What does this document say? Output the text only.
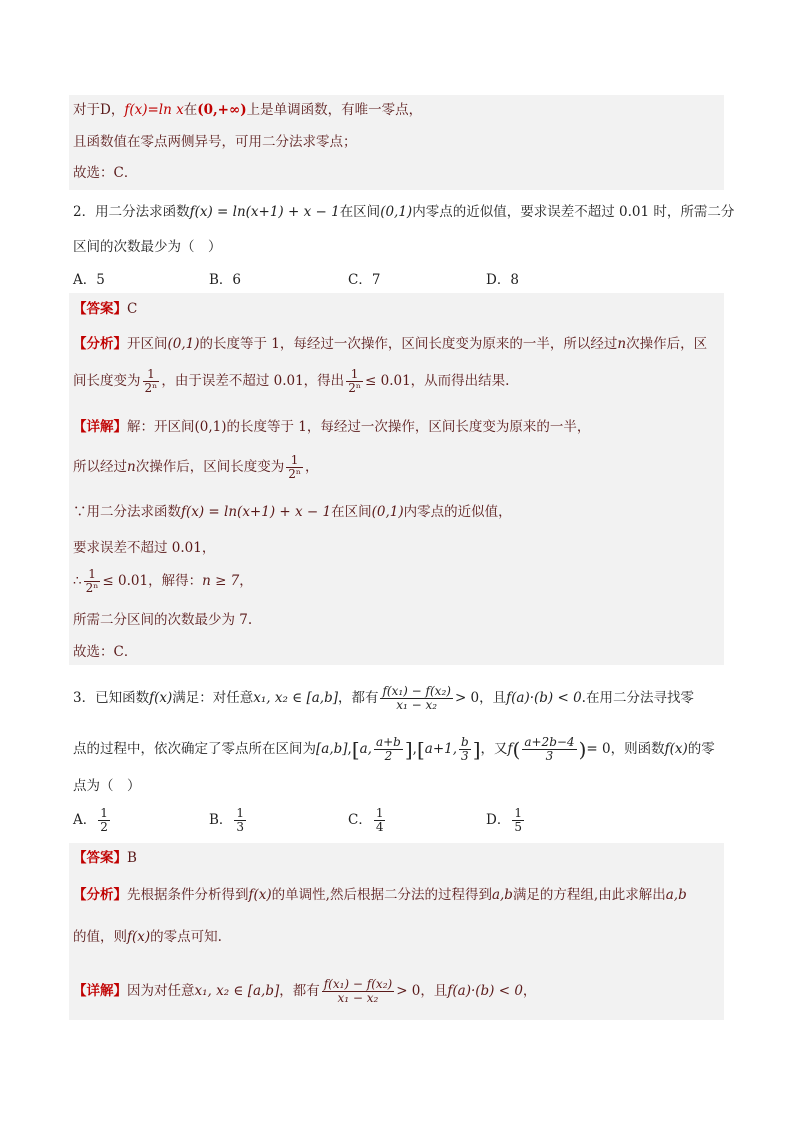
对于D，f(x)=ln x在(0,+∞)上是单调函数，有唯一零点，
且函数值在零点两侧异号，可用二分法求零点；
故选：C．
2．用二分法求函数f(x) = ln(x+1) + x − 1在区间(0,1)内零点的近似值，要求误差不超过 0.01 时，所需二分
区间的次数最少为（　）
A．5	B．6	C．7	D．8
【答案】C
【分析】开区间(0,1)的长度等于 1，每经过一次操作，区间长度变为原来的一半，所以经过n次操作后，区
间长度变为 $\frac{1}{\text{2ⁿ}}$ ，由于误差不超过 0.01，得出 $\frac{1}{\text{2ⁿ}} \le 0.01$，从而得出结果.
【详解】解：开区间(0,1)的长度等于 1，每经过一次操作，区间长度变为原来的一半，
所以经过n次操作后，区间长度变为 $\frac{1}{\text{2ⁿ}}$ ，
∵用二分法求函数f(x) = ln(x+1) + x − 1在区间(0,1)内零点的近似值，
要求误差不超过 0.01，
∴ $\frac{1}{\text{2ⁿ}} \le 0.01$，解得：n ≥ 7，
所需二分区间的次数最少为 7.
故选：C．
3．已知函数f(x)满足：对任意x₁, x₂ ∈ [a,b]，都有 $\frac{\text{f(x₁) − f(x₂)}}{\text{x₁ − x₂}} > 0$，且f(a)·(b) < 0.在用二分法寻找零
点的过程中，依次确定了零点所在区间为[a,b],[a, $\frac{a+b}{2} ],[a+1$, $\frac{b}{3}$ ]，又$f( \frac{a+2b-4}{3}$ )= 0，则函数f(x)的零
点为（　）
A． $\frac{1}{2}$	B． $\frac{1}{3}$	C． $\frac{1}{4}$	D． $\frac{1}{5}$
【答案】B
【分析】先根据条件分析得到f(x)的单调性,然后根据二分法的过程得到a,b满足的方程组,由此求解出a,b
的值，则f(x)的零点可知.
【详解】因为对任意x₁, x₂ ∈ [a,b]，都有 $\frac{\text{f(x₁) − f(x₂)}}{\text{x₁ − x₂}} > 0$，且f(a)·(b) < 0，
